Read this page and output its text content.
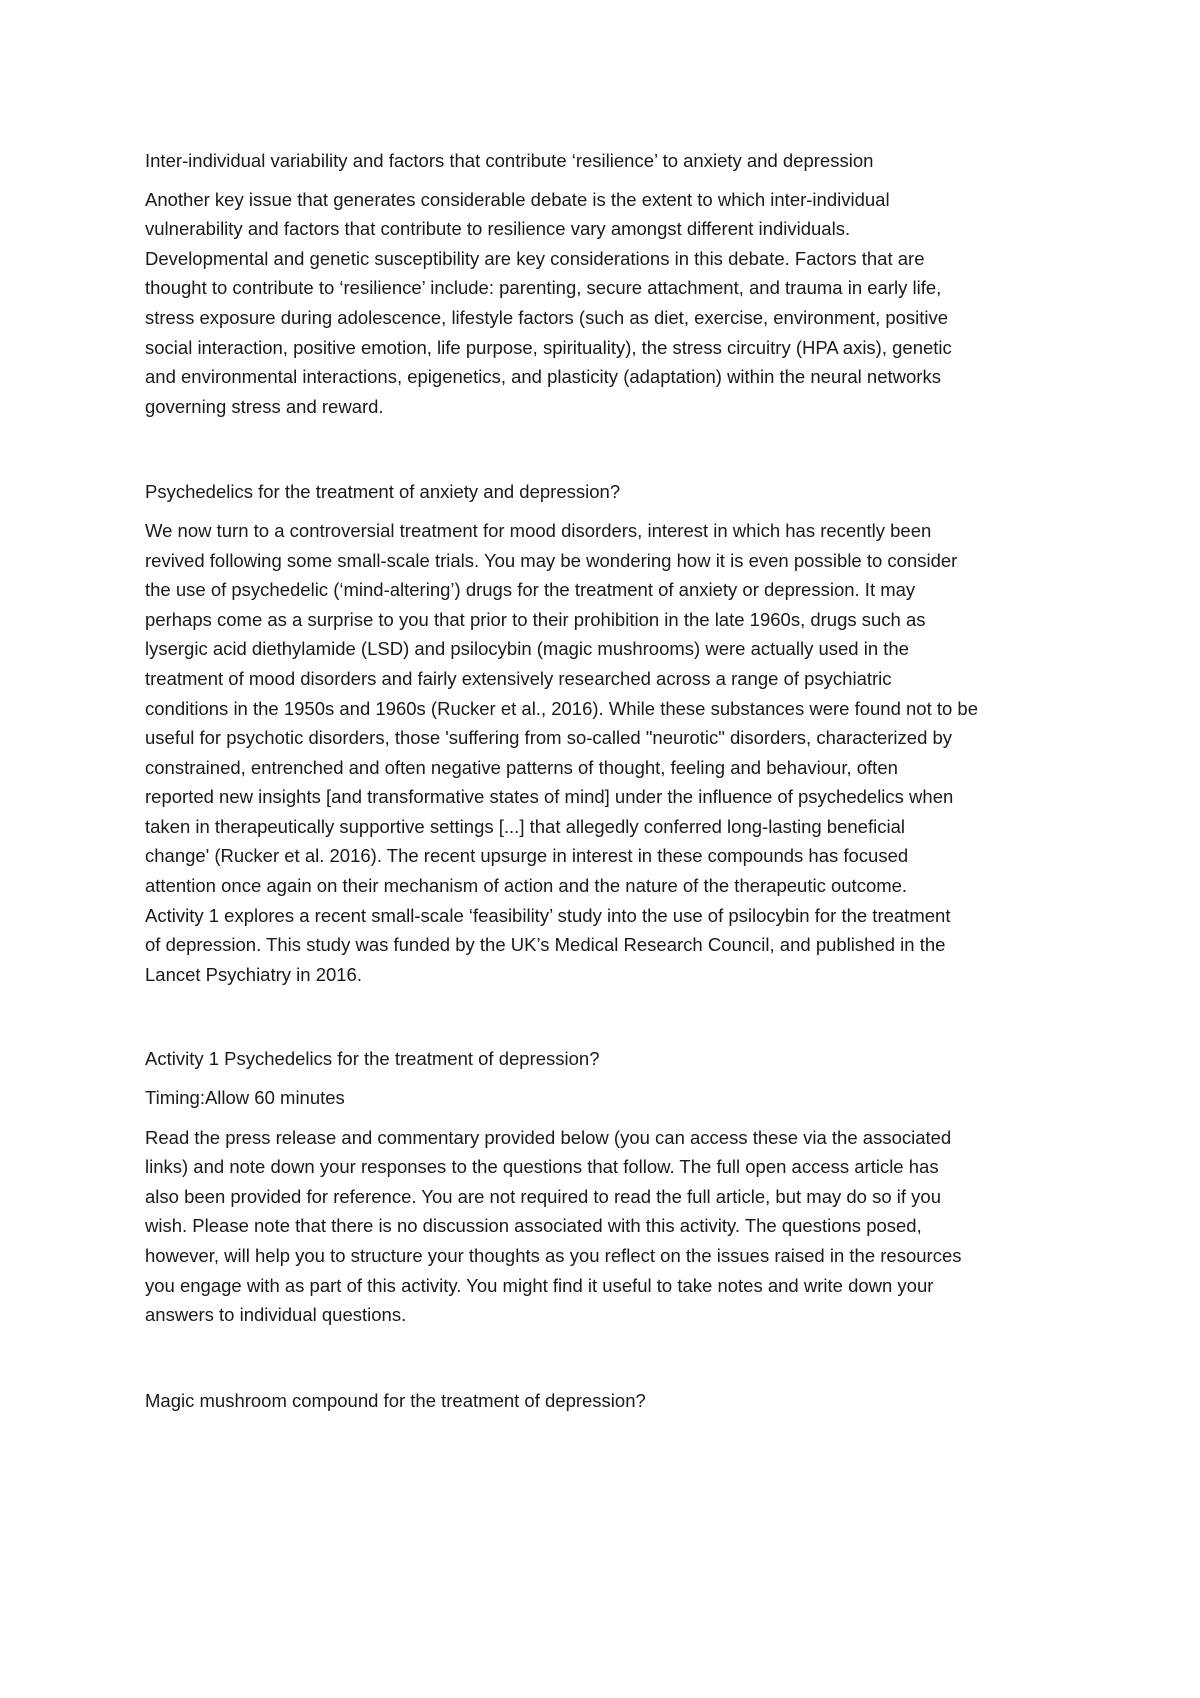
Inter-individual variability and factors that contribute ‘resilience’ to anxiety and depression
Another key issue that generates considerable debate is the extent to which inter-individual
vulnerability and factors that contribute to resilience vary amongst different individuals.
Developmental and genetic susceptibility are key considerations in this debate. Factors that are
thought to contribute to ‘resilience’ include: parenting, secure attachment, and trauma in early life,
stress exposure during adolescence, lifestyle factors (such as diet, exercise, environment, positive
social interaction, positive emotion, life purpose, spirituality), the stress circuitry (HPA axis), genetic
and environmental interactions, epigenetics, and plasticity (adaptation) within the neural networks
governing stress and reward.
Psychedelics for the treatment of anxiety and depression?
We now turn to a controversial treatment for mood disorders, interest in which has recently been
revived following some small-scale trials. You may be wondering how it is even possible to consider
the use of psychedelic (‘mind-altering’) drugs for the treatment of anxiety or depression. It may
perhaps come as a surprise to you that prior to their prohibition in the late 1960s, drugs such as
lysergic acid diethylamide (LSD) and psilocybin (magic mushrooms) were actually used in the
treatment of mood disorders and fairly extensively researched across a range of psychiatric
conditions in the 1950s and 1960s (Rucker et al., 2016). While these substances were found not to be
useful for psychotic disorders, those 'suffering from so-called "neurotic" disorders, characterized by
constrained, entrenched and often negative patterns of thought, feeling and behaviour, often
reported new insights [and transformative states of mind] under the influence of psychedelics when
taken in therapeutically supportive settings [...] that allegedly conferred long-lasting beneficial
change' (Rucker et al. 2016). The recent upsurge in interest in these compounds has focused
attention once again on their mechanism of action and the nature of the therapeutic outcome.
Activity 1 explores a recent small-scale ‘feasibility’ study into the use of psilocybin for the treatment
of depression. This study was funded by the UK’s Medical Research Council, and published in the
Lancet Psychiatry in 2016.
Activity 1 Psychedelics for the treatment of depression?
Timing:Allow 60 minutes
Read the press release and commentary provided below (you can access these via the associated
links) and note down your responses to the questions that follow. The full open access article has
also been provided for reference. You are not required to read the full article, but may do so if you
wish. Please note that there is no discussion associated with this activity. The questions posed,
however, will help you to structure your thoughts as you reflect on the issues raised in the resources
you engage with as part of this activity. You might find it useful to take notes and write down your
answers to individual questions.
Magic mushroom compound for the treatment of depression?
